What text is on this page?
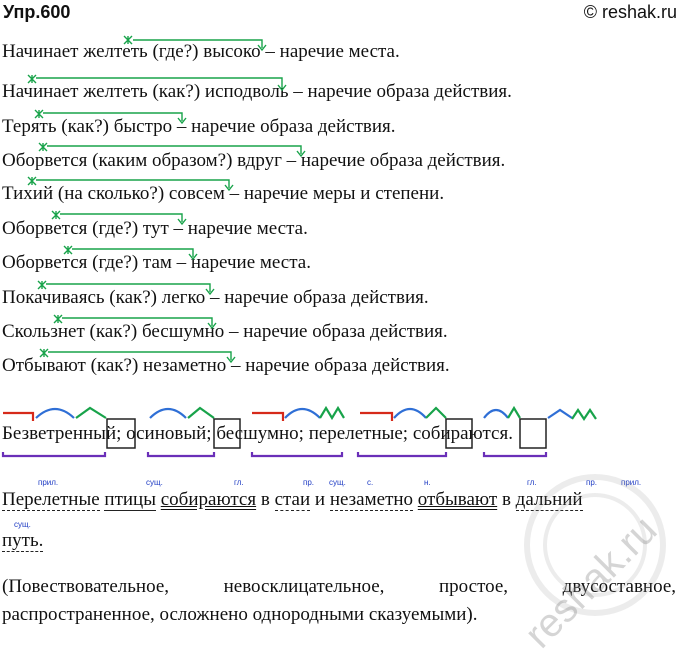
Упр.600	© reshak.ru
Начинает желтеть (где?) высоко – наречие места.
Начинает желтеть (как?) исподволь – наречие образа действия.
Терять (как?) быстро – наречие образа действия.
Оборвется (каким образом?) вдруг – наречие образа действия.
Тихий (на сколько?) совсем – наречие меры и степени.
Оборвется (где?) тут – наречие места.
Оборвется (где?) там – наречие места.
Покачиваясь (как?) легко – наречие образа действия.
Скользнет (как?) бесшумно – наречие образа действия.
Отбывают (как?) незаметно – наречие образа действия.
Безветренный; осиновый; бесшумно; перелетные; собираются.
прил.	сущ.	гл.	пр. сущ.	с.	н.	гл.	пр.	прил.
сущ.
Перелетные птицы собираются в стаи и незаметно отбывают в дальний
путь.
(Повествовательное, невосклицательное, простое, двусоставное, распространенное, осложнено однородными сказуемыми). reshak.ru
